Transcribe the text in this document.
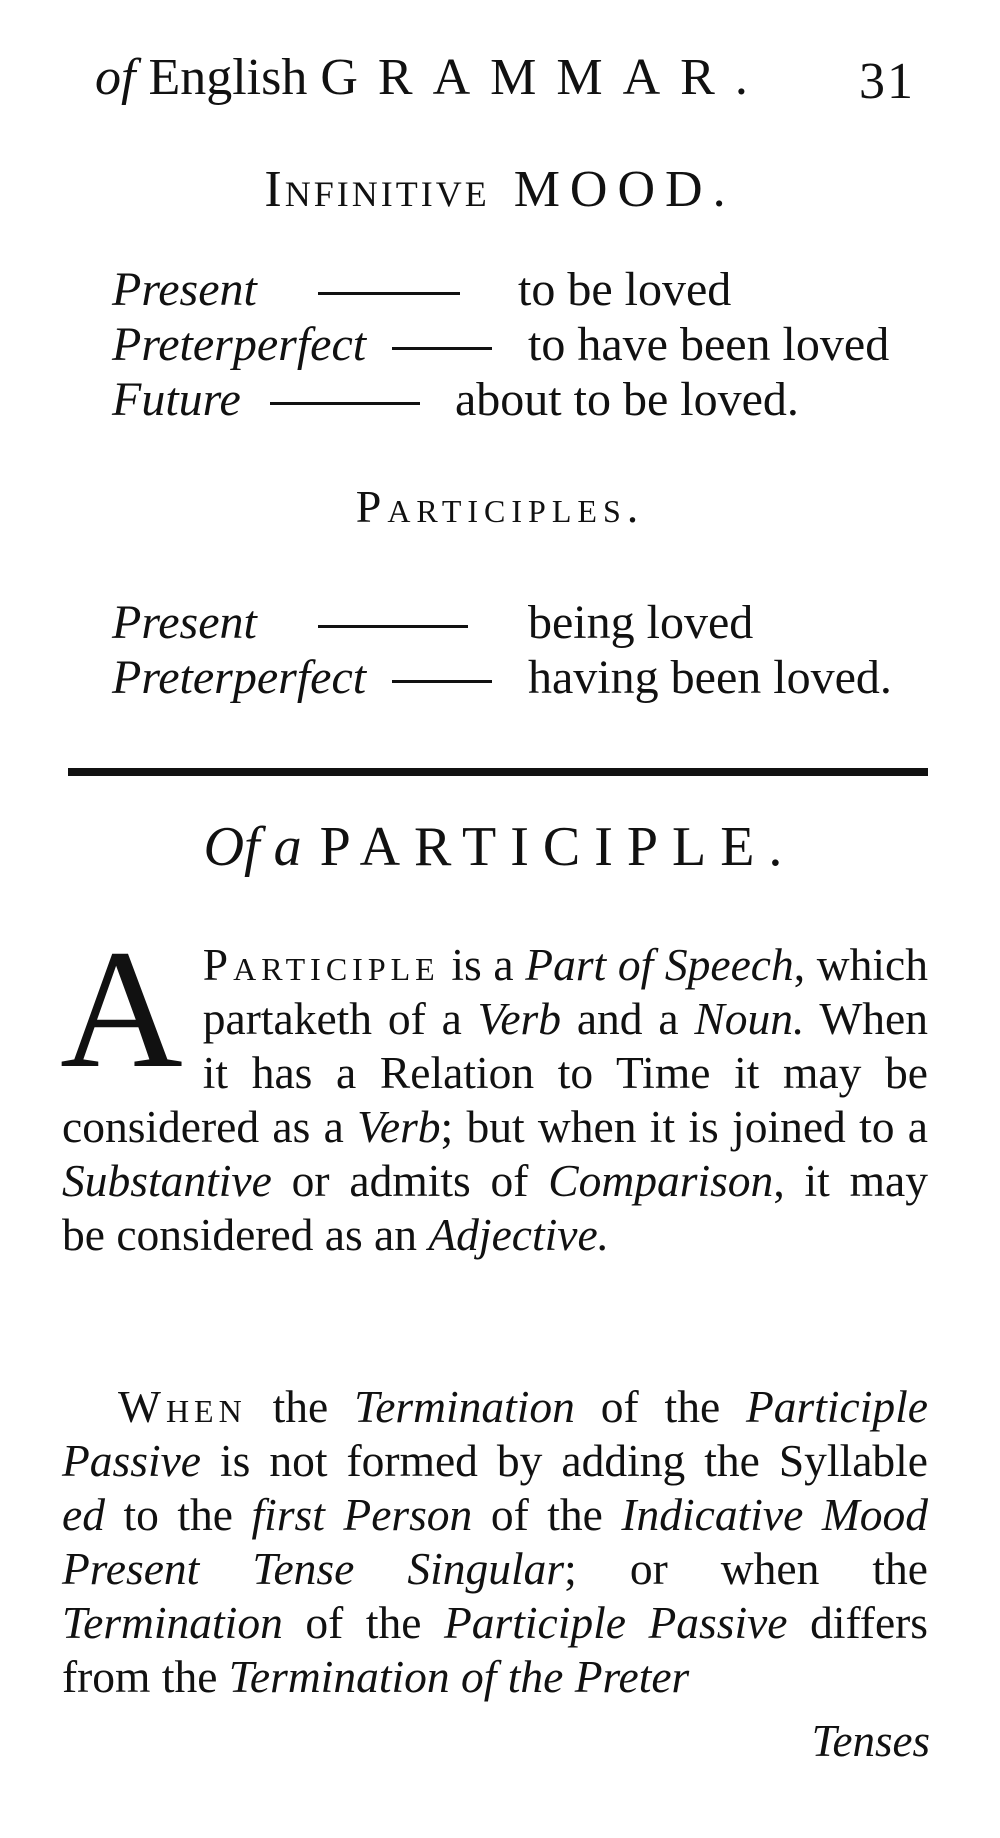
of English GRAMMAR. 31
Infinitive MOOD.
Present	to be loved
Preterperfect	to have been loved
Future	about to be loved.
Participles.
Present	being loved
Preterperfect	having been loved.
Of a PARTICIPLE.

A Participle is a Part of Speech, which partaketh of a Verb and a Noun. When it has a Relation to Time it may be considered as a Verb; but when it is joined to a Substantive or admits of Comparison, it may be considered as an Adjective.

When the Termination of the Participle Passive is not formed by adding the Syllable ed to the first Person of the Indicative Mood Present Tense Singular; or when the Termination of the Participle Passive differs from the Termination of the Preter

Tenses
